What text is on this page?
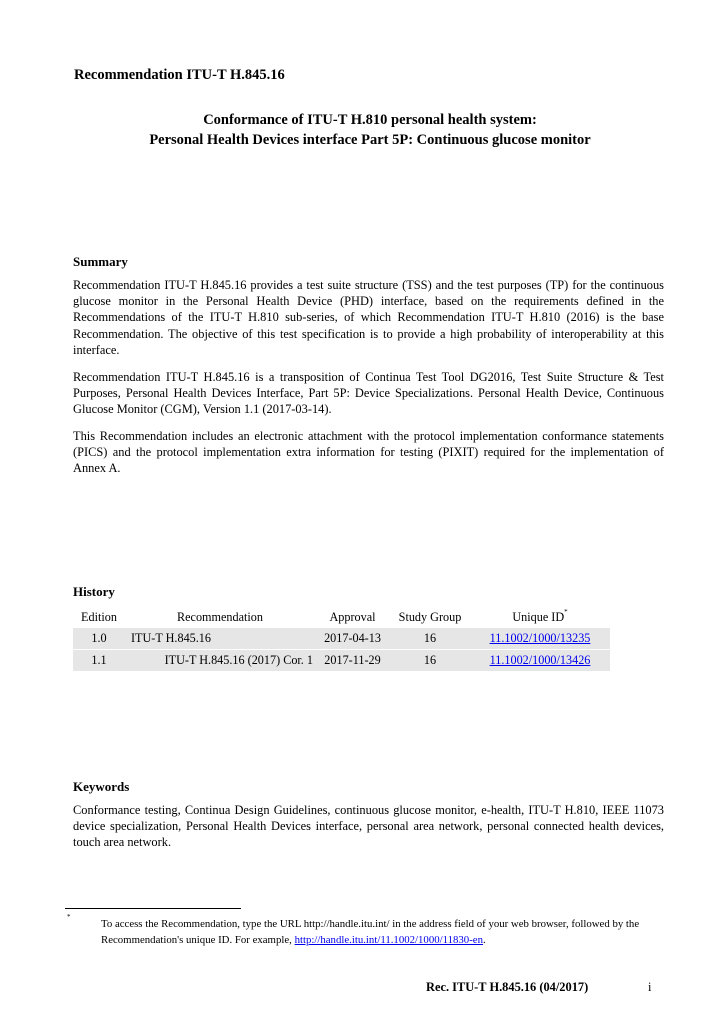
Recommendation ITU-T H.845.16
Conformance of ITU-T H.810 personal health system:
Personal Health Devices interface Part 5P: Continuous glucose monitor
Summary
Recommendation ITU-T H.845.16 provides a test suite structure (TSS) and the test purposes (TP) for the continuous glucose monitor in the Personal Health Device (PHD) interface, based on the requirements defined in the Recommendations of the ITU-T H.810 sub-series, of which Recommendation ITU-T H.810 (2016) is the base Recommendation. The objective of this test specification is to provide a high probability of interoperability at this interface.
Recommendation ITU-T H.845.16 is a transposition of Continua Test Tool DG2016, Test Suite Structure & Test Purposes, Personal Health Devices Interface, Part 5P: Device Specializations. Personal Health Device, Continuous Glucose Monitor (CGM), Version 1.1 (2017-03-14).
This Recommendation includes an electronic attachment with the protocol implementation conformance statements (PICS) and the protocol implementation extra information for testing (PIXIT) required for the implementation of Annex A.
History
Edition	Recommendation	Approval	Study Group	Unique ID*
1.0	ITU-T H.845.16	2017-04-13	16	11.1002/1000/13235
1.1	ITU-T H.845.16 (2017) Cor. 1	2017-11-29	16	11.1002/1000/13426
Keywords
Conformance testing, Continua Design Guidelines, continuous glucose monitor, e-health, ITU-T H.810, IEEE 11073 device specialization, Personal Health Devices interface, personal area network, personal connected health devices, touch area network.
*
To access the Recommendation, type the URL http://handle.itu.int/ in the address field of your web browser, followed by the Recommendation's unique ID. For example, http://handle.itu.int/11.1002/1000/11830-en.
Rec. ITU-T H.845.16 (04/2017)	i
